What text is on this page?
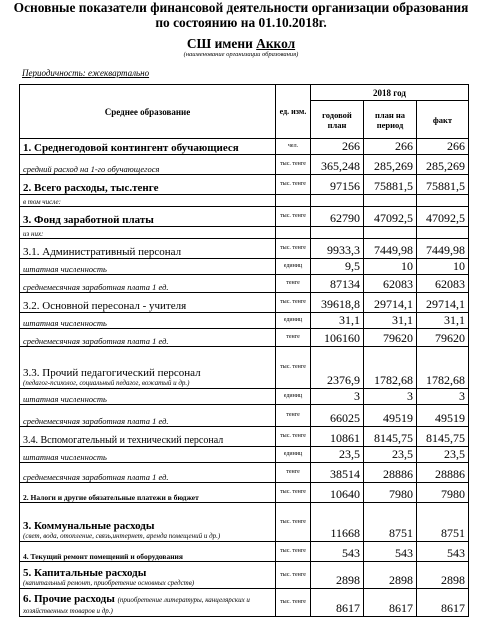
Основные показатели финансовой деятельности организации образования
по состоянию на 01.10.2018г.
СШ имени Аккол
(наименование организации образования)
Периодичность: ежеквартально
Среднее образование	ед. изм.	2018 год		
		годовой план	план на период	факт
1. Среднегодовой контингент обучающиеся	чел.	266	266	266
средний расход на 1-го обучающегося	тыс. тенге	365,248	285,269	285,269
2. Всего расходы, тыс.тенге	тыс. тенге	97156	75881,5	75881,5
в том числе:				
3. Фонд заработной платы	тыс. тенге	62790	47092,5	47092,5
из них:				
3.1. Административный персонал	тыс. тенге	9933,3	7449,98	7449,98
штатная численность	единиц	9,5	10	10
среднемесячная заработная плата 1 ед.	тенге	87134	62083	62083
3.2. Основной пересонал - учителя	тыс. тенге	39618,8	29714,1	29714,1
штатная численность	единиц	31,1	31,1	31,1
среднемесячная заработная плата 1 ед.	тенге	106160	79620	79620

3.3. Прочий педагогический персонал
(педагог-психолог, социальный педагог, вожатый и др.)	тыс. тенге	2376,9	1782,68	1782,68
штатная численность	единиц	3	3	3
среднемесячная заработная плата 1 ед.	тенге	66025	49519	49519
3.4. Вспомогательный и технический персонал	тыс. тенге	10861	8145,75	8145,75
штатная численность	единиц	23,5	23,5	23,5
среднемесячная заработная плата 1 ед.	тенге	38514	28886	28886
2. Налоги и другие обязательные платежи в бюджет	тыс. тенге	10640	7980	7980

3. Коммунальные расходы
(свет, вода, отопление, связь,интернет, аренда помещений и др.)	тыс. тенге	11668	8751	8751
4. Текущий ремонт помещений и оборудования	тыс. тенге	543	543	543

5. Капитальные расходы
(капитальный ремонт, приобретение основных средств)	тыс. тенге	2898	2898	2898
6. Прочие расходы (приобретение литературы, канцелярских и хозяйственных товаров и др.)	тыс. тенге	8617	8617	8617
